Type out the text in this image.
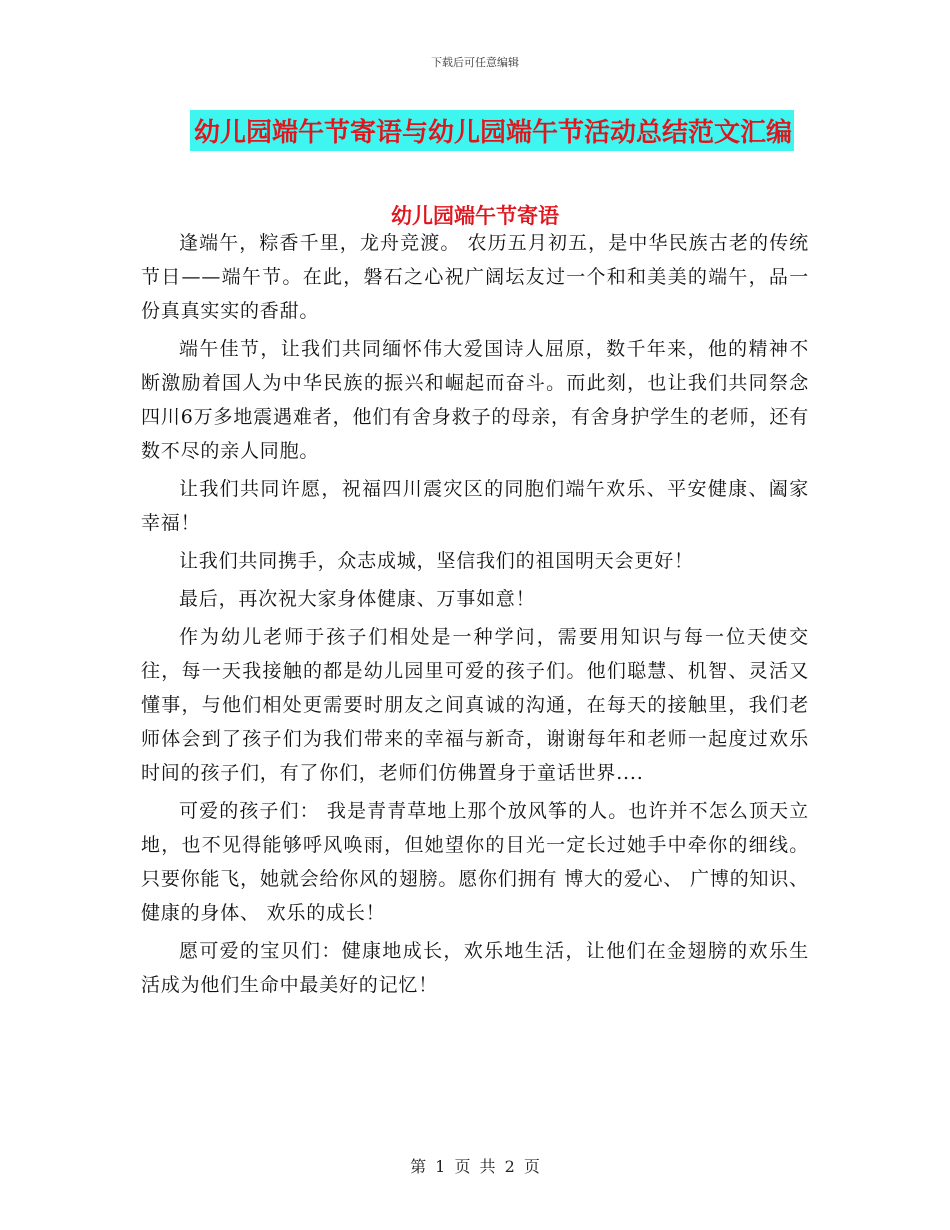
下载后可任意编辑
幼儿园端午节寄语与幼儿园端午节活动总结范文汇编
幼儿园端午节寄语

逢端午，粽香千里，龙舟竞渡。 农历五月初五，是中华民族古老的传统节日——端午节。在此，磐石之心祝广阔坛友过一个和和美美的端午，品一份真真实实的香甜。

端午佳节，让我们共同缅怀伟大爱国诗人屈原，数千年来，他的精神不断激励着国人为中华民族的振兴和崛起而奋斗。而此刻，也让我们共同祭念四川6万多地震遇难者，他们有舍身救子的母亲，有舍身护学生的老师，还有数不尽的亲人同胞。

让我们共同许愿，祝福四川震灾区的同胞们端午欢乐、平安健康、阖家幸福！

让我们共同携手，众志成城，坚信我们的祖国明天会更好！

最后，再次祝大家身体健康、万事如意！

作为幼儿老师于孩子们相处是一种学问，需要用知识与每一位天使交往，每一天我接触的都是幼儿园里可爱的孩子们。他们聪慧、机智、灵活又懂事，与他们相处更需要时朋友之间真诚的沟通，在每天的接触里，我们老师体会到了孩子们为我们带来的幸福与新奇，谢谢每年和老师一起度过欢乐时间的孩子们，有了你们，老师们仿佛置身于童话世界....

可爱的孩子们： 我是青青草地上那个放风筝的人。也许并不怎么顶天立地，也不见得能够呼风唤雨，但她望你的目光一定长过她手中牵你的细线。只要你能飞，她就会给你风的翅膀。愿你们拥有 博大的爱心、 广博的知识、 健康的身体、 欢乐的成长！

愿可爱的宝贝们：健康地成长，欢乐地生活，让他们在金翅膀的欢乐生活成为他们生命中最美好的记忆！

第 1 页 共 2 页
